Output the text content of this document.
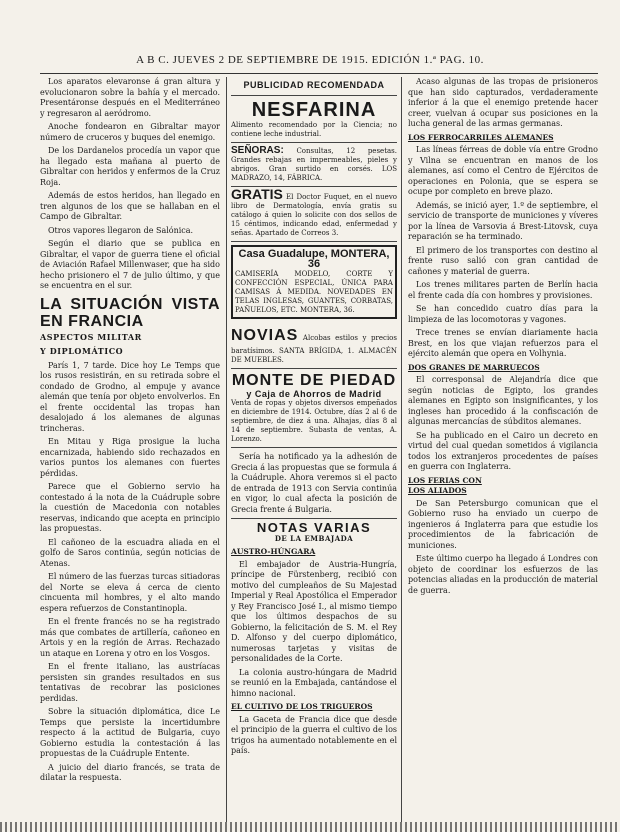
A B C. JUEVES 2 DE SEPTIEMBRE DE 1915. EDICIÓN 1.ª PAG. 10.

Los aparatos elevaronse á gran altura y evolucionaron sobre la bahía y el mercado. Presentáronse después en el Mediterráneo y regresaron al aeródromo.

Anoche fondearon en Gibraltar mayor número de cruceros y buques del enemigo.

De los Dardanelos procedía un vapor que ha llegado esta mañana al puerto de Gibraltar con heridos y enfermos de la Cruz Roja.

Además de estos heridos, han llegado en tren algunos de los que se hallaban en el Campo de Gibraltar.

Otros vapores llegaron de Salónica.

Según el diario que se publica en Gibraltar, el vapor de guerra tiene el oficial de Aviación Rafael Millenwaser, que ha sido hecho prisionero el 7 de julio último, y que se encuentra en el sur.

LA SITUACIÓN VISTA EN FRANCIA
ASPECTOS MILITAR
Y DIPLOMÁTICO

París 1, 7 tarde. Dice hoy Le Temps que los rusos resistirán, en su retirada sobre el condado de Grodno, al empuje y avance alemán que tenía por objeto envolverlos. En el frente occidental las tropas han desalojado á los alemanes de algunas trincheras.

En Mitau y Riga prosigue la lucha encarnizada, habiendo sido rechazados en varios puntos los alemanes con fuertes pérdidas.

Parece que el Gobierno servio ha contestado á la nota de la Cuádruple sobre la cuestión de Macedonia con notables reservas, indicando que acepta en principio las propuestas.

El cañoneo de la escuadra aliada en el golfo de Saros continúa, según noticias de Atenas.

El número de las fuerzas turcas sitiadoras del Norte se eleva á cerca de ciento cincuenta mil hombres, y el alto mando espera refuerzos de Constantinopla.

En el frente francés no se ha registrado más que combates de artillería, cañoneo en Artois y en la región de Arras. Rechazado un ataque en Lorena y otro en los Vosgos.

En el frente italiano, las austríacas persisten sin grandes resultados en sus tentativas de recobrar las posiciones perdidas.

Sobre la situación diplomática, dice Le Temps que persiste la incertidumbre respecto á la actitud de Bulgaria, cuyo Gobierno estudia la contestación á las propuestas de la Cuádruple Entente.

A juicio del diario francés, se trata de dilatar la respuesta.

PUBLICIDAD RECOMENDADA
NESFARINA
Alimento recomendado por la Ciencia; no contiene leche industrial.
SEÑORAS: Consultas, 12 pesetas. Grandes rebajas en impermeables, pieles y abrigos. Gran surtido en corsés. LOS MADRAZO, 14, FÁBRICA.
GRATIS El Doctor Fuquet, en el nuevo libro de Dermatología, envía gratis su catálogo á quien lo solicite con dos sellos de 15 céntimos, indicando edad, enfermedad y señas. Apartado de Correos 3.
Casa Guadalupe, MONTERA, 36
CAMISERÍA MODELO, CORTE Y CONFECCIÓN ESPECIAL, ÚNICA PARA CAMISAS Á MEDIDA. NOVEDADES EN TELAS INGLESAS, GUANTES, CORBATAS, PAÑUELOS, ETC. MONTERA, 36.
NOVIAS Alcobas estilos y precios baratísimos. SANTA BRÍGIDA, 1. ALMACÉN DE MUEBLES.
MONTE DE PIEDAD
y Caja de Ahorros de Madrid
Venta de ropas y objetos diversos empeñados en diciembre de 1914. Octubre, días 2 al 6 de septiembre, de diez á una. Alhajas, días 8 al 14 de septiembre. Subasta de ventas, A. Lorenzo.

Sería ha notificado ya la adhesión de Grecia á las propuestas que se formula á la Cuádruple. Ahora veremos si el pacto de entrada de 1913 con Servia continúa en vigor, lo cual afecta la posición de Grecia frente á Bulgaria.

NOTAS VARIAS
DE LA EMBAJADA
AUSTRO-HÚNGARA

El embajador de Austria-Hungría, príncipe de Fürstenberg, recibió con motivo del cumpleaños de Su Majestad Imperial y Real Apostólica el Emperador y Rey Francisco José I., al mismo tiempo que los últimos despachos de su Gobierno, la felicitación de S. M. el Rey D. Alfonso y del cuerpo diplomático, numerosas tarjetas y visitas de personalidades de la Corte.

La colonia austro-húngara de Madrid se reunió en la Embajada, cantándose el himno nacional.

EL CULTIVO DE LOS TRIGUEROS

La Gaceta de Francia dice que desde el principio de la guerra el cultivo de los trigos ha aumentado notablemente en el país.

Acaso algunas de las tropas de prisioneros que han sido capturados, verdaderamente inferior á la que el enemigo pretende hacer creer, vuelvan á ocupar sus posiciones en la lucha general de las armas germanas.

LOS FERROCARRILES ALEMANES

Las líneas férreas de doble vía entre Grodno y Vilna se encuentran en manos de los alemanes, así como el Centro de Ejércitos de operaciones en Polonia, que se espera se ocupe por completo en breve plazo.

Además, se inició ayer, 1.º de septiembre, el servicio de transporte de municiones y víveres por la línea de Varsovia á Brest-Litovsk, cuya reparación se ha terminado.

El primero de los transportes con destino al frente ruso salió con gran cantidad de cañones y material de guerra.

Los trenes militares parten de Berlín hacia el frente cada día con hombres y provisiones.

Se han concedido cuatro días para la limpieza de las locomotoras y vagones.

Trece trenes se envían diariamente hacia Brest, en los que viajan refuerzos para el ejército alemán que opera en Volhynia.

DOS GRANES DE MARRUECOS

El corresponsal de Alejandría dice que según noticias de Egipto, los grandes alemanes en Egipto son insignificantes, y los ingleses han procedido á la confiscación de algunas mercancías de súbditos alemanes.

Se ha publicado en el Cairo un decreto en virtud del cual quedan sometidos á vigilancia todos los extranjeros procedentes de países en guerra con Inglaterra.

LOS FERIAS CON
LOS ALIADOS

De San Petersburgo comunican que el Gobierno ruso ha enviado un cuerpo de ingenieros á Inglaterra para que estudie los procedimientos de la fabricación de municiones.

Este último cuerpo ha llegado á Londres con objeto de coordinar los esfuerzos de las potencias aliadas en la producción de material de guerra.
